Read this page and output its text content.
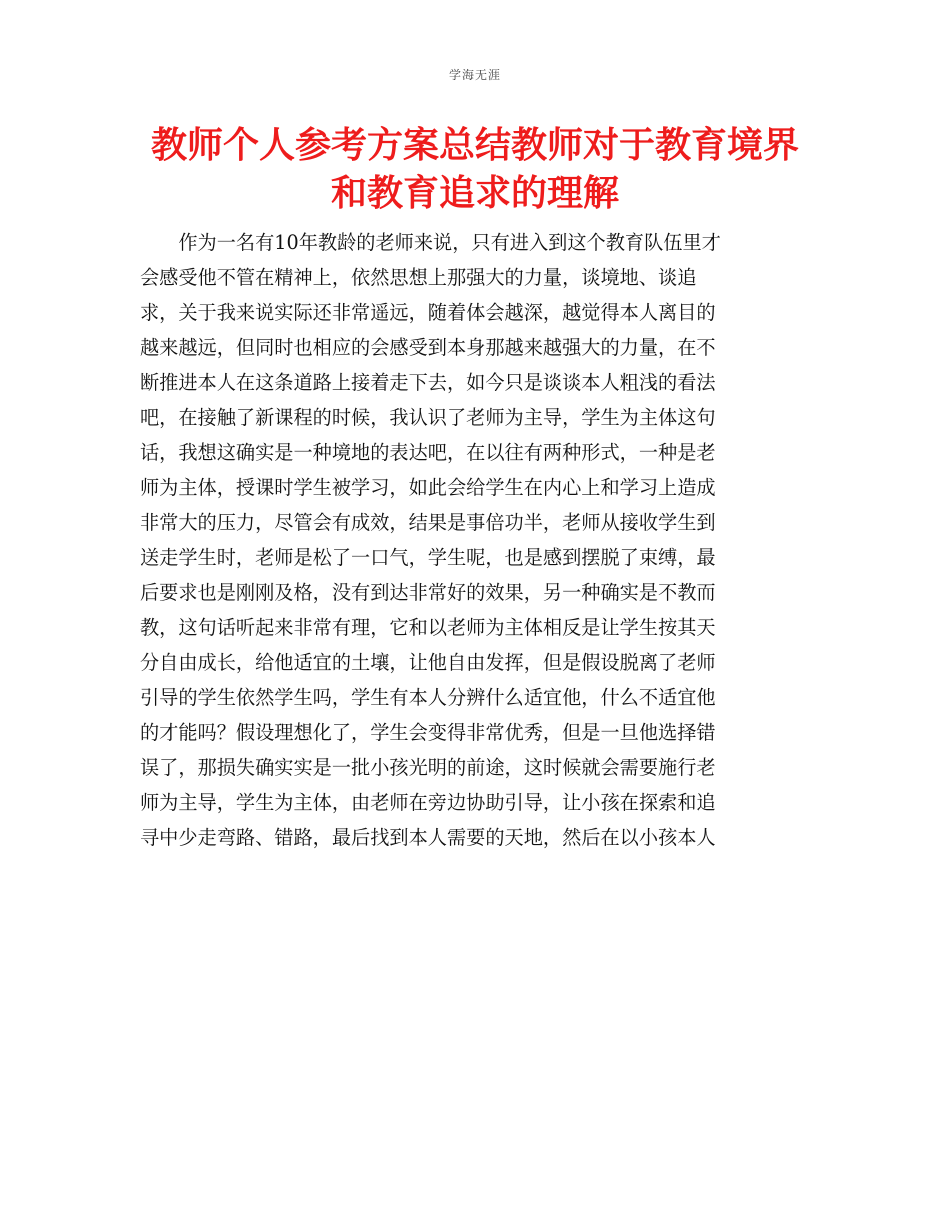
学海无涯
教师个人参考方案总结教师对于教育境界
和教育追求的理解
　　作为一名有10年教龄的老师来说，只有进入到这个教育队伍里才
会感受他不管在精神上，依然思想上那强大的力量，谈境地、谈追
求，关于我来说实际还非常遥远，随着体会越深，越觉得本人离目的
越来越远，但同时也相应的会感受到本身那越来越强大的力量，在不
断推进本人在这条道路上接着走下去，如今只是谈谈本人粗浅的看法
吧，在接触了新课程的时候，我认识了老师为主导，学生为主体这句
话，我想这确实是一种境地的表达吧，在以往有两种形式，一种是老
师为主体，授课时学生被学习，如此会给学生在内心上和学习上造成
非常大的压力，尽管会有成效，结果是事倍功半，老师从接收学生到
送走学生时，老师是松了一口气，学生呢，也是感到摆脱了束缚，最
后要求也是刚刚及格，没有到达非常好的效果，另一种确实是不教而
教，这句话听起来非常有理，它和以老师为主体相反是让学生按其天
分自由成长，给他适宜的土壤，让他自由发挥，但是假设脱离了老师
引导的学生依然学生吗，学生有本人分辨什么适宜他，什么不适宜他
的才能吗？假设理想化了，学生会变得非常优秀，但是一旦他选择错
误了，那损失确实实是一批小孩光明的前途，这时候就会需要施行老
师为主导，学生为主体，由老师在旁边协助引导，让小孩在探索和追
寻中少走弯路、错路，最后找到本人需要的天地，然后在以小孩本人
